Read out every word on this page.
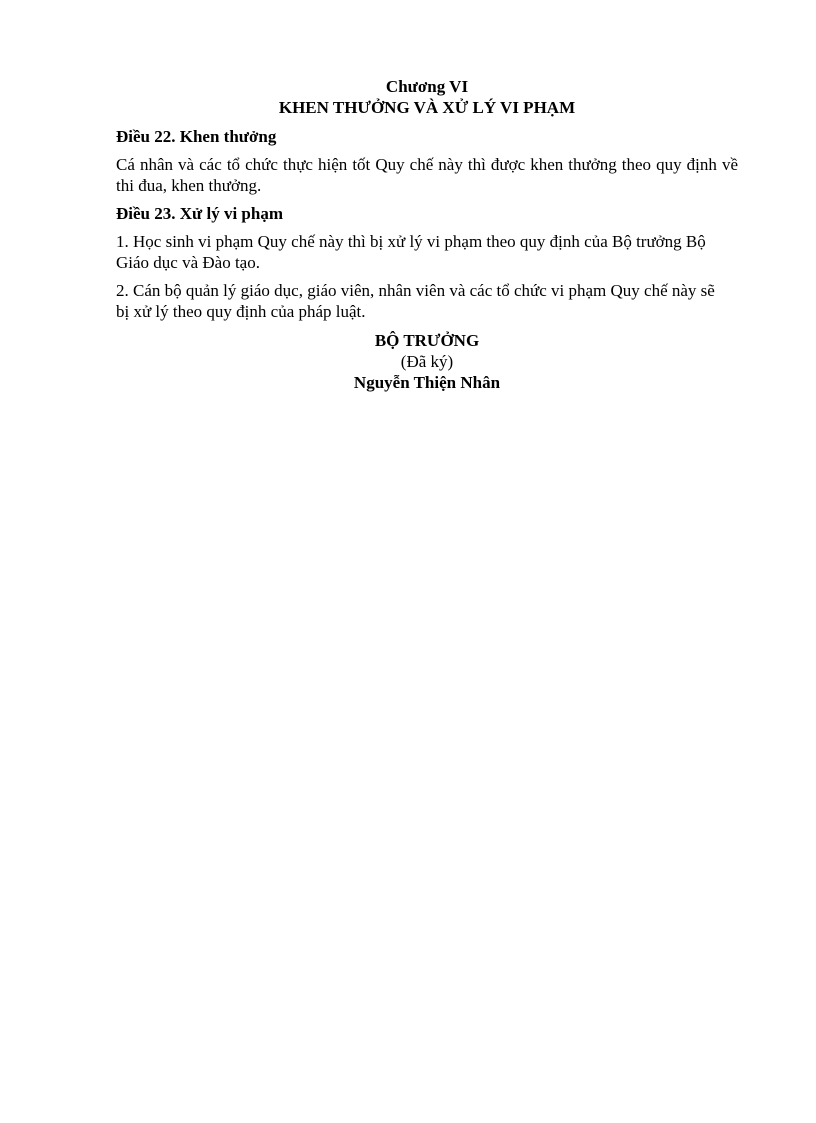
Chương VI
KHEN THƯỞNG VÀ XỬ LÝ VI PHẠM
Điều 22. Khen thưởng
Cá nhân và các tổ chức thực hiện tốt Quy chế này thì được khen thưởng theo quy định về thi đua, khen thưởng.
Điều 23. Xử lý vi phạm
1. Học sinh vi phạm Quy chế này thì bị xử lý vi phạm theo quy định của Bộ trưởng Bộ Giáo dục và Đào tạo.
2. Cán bộ quản lý giáo dục, giáo viên, nhân viên và các tổ chức vi phạm Quy chế này sẽ bị xử lý theo quy định của pháp luật.
BỘ TRƯỞNG
(Đã ký)
Nguyễn Thiện Nhân
